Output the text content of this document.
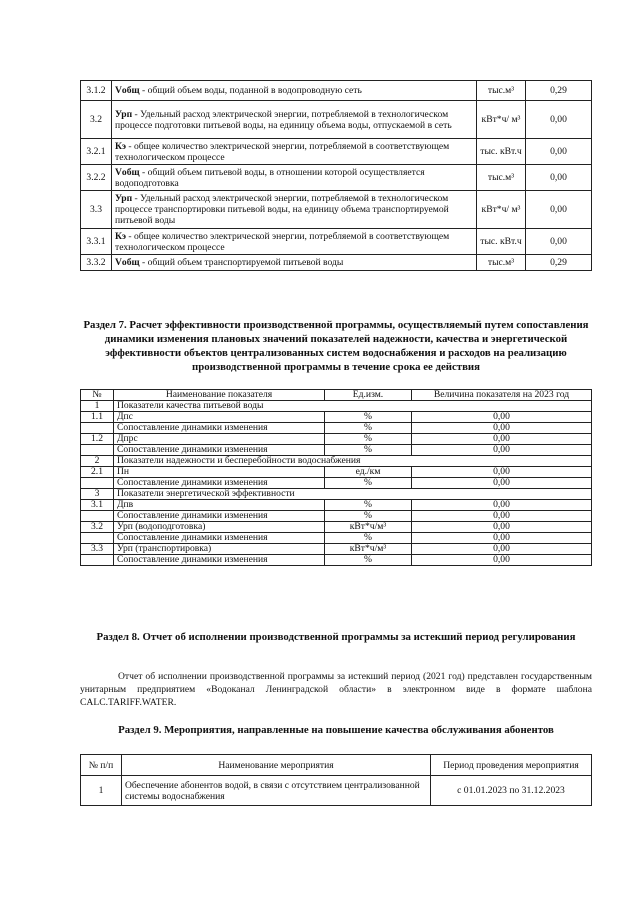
3.1.2	Vобщ - общий объем воды, поданной в водопроводную сеть	тыс.м³	0,29
3.2	Урп - Удельный расход электрической энергии, потребляемой в технологическом процессе подготовки питьевой воды, на единицу объема воды, отпускаемой в сеть	кВт*ч/ м³	0,00
3.2.1	Кэ - общее количество электрической энергии, потребляемой в соответствующем технологическом процессе	тыс. кВт.ч	0,00
3.2.2	Vобщ - общий объем питьевой воды, в отношении которой осуществляется водоподготовка	тыс.м³	0,00
3.3	Урп - Удельный расход электрической энергии, потребляемой в технологическом процессе транспортировки питьевой воды, на единицу объема транспортируемой питьевой воды	кВт*ч/ м³	0,00
3.3.1	Кэ - общее количество электрической энергии, потребляемой в соответствующем технологическом процессе	тыс. кВт.ч	0,00
3.3.2	Vобщ - общий объем транспортируемой питьевой воды	тыс.м³	0,29
Раздел 7. Расчет эффективности производственной программы, осуществляемый путем сопоставления динамики изменения плановых значений показателей надежности, качества и энергетической эффективности объектов централизованных систем водоснабжения и расходов на реализацию производственной программы в течение срока ее действия
№	Наименование показателя	Ед.изм.	Величина показателя на 2023 год
1	Показатели качества питьевой воды		
1.1	Дпс	%	0,00
	Сопоставление динамики изменения	%	0,00
1.2	Дпрс	%	0,00
	Сопоставление динамики изменения	%	0,00
2	Показатели надежности и бесперебойности водоснабжения		
2.1	Пн	ед./км	0,00
	Сопоставление динамики изменения	%	0,00
3	Показатели энергетической эффективности		
3.1	Дпв	%	0,00
	Сопоставление динамики изменения	%	0,00
3.2	Урп (водоподготовка)	кВт*ч/м³	0,00
	Сопоставление динамики изменения	%	0,00
3.3	Урп (транспортировка)	кВт*ч/м³	0,00
	Сопоставление динамики изменения	%	0,00
Раздел 8. Отчет об исполнении производственной программы за истекший период регулирования
Отчет об исполнении производственной программы за истекший период (2021 год) представлен государственным унитарным предприятием «Водоканал Ленинградской области» в электронном виде в формате шаблона CALC.TARIFF.WATER.
Раздел 9. Мероприятия, направленные на повышение качества обслуживания абонентов
№ п/п	Наименование мероприятия	Период проведения мероприятия
1	Обеспечение абонентов водой, в связи с отсутствием централизованной системы водоснабжения	с 01.01.2023 по 31.12.2023
